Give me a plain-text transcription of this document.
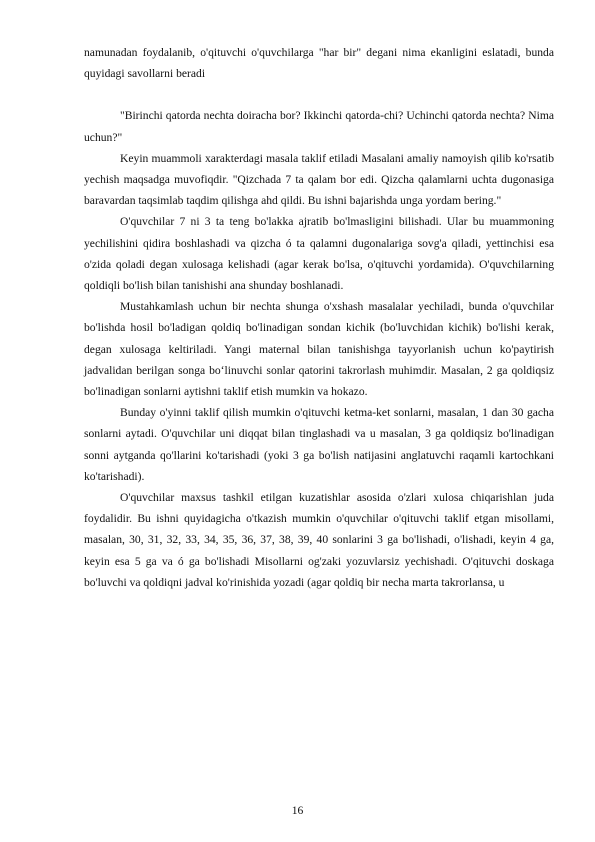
namunadan foydalanib, o'qituvchi o'quvchilarga "har bir" degani nima ekanligini eslatadi, bunda quyidagi savollarni beradi

"Birinchi qatorda nechta doiracha bor? Ikkinchi qatorda-chi? Uchinchi qatorda nechta? Nima uchun?"

Keyin muammoli xarakterdagi masala taklif etiladi Masalani amaliy namoyish qilib ko'rsatib yechish maqsadga muvofiqdir. "Qizchada 7 ta qalam bor edi. Qizcha qalamlarni uchta dugonasiga baravardan taqsimlab taqdim qilishga ahd qildi. Bu ishni bajarishda unga yordam bering."

O'quvchilar 7 ni 3 ta teng bo'lakka ajratib bo'lmasligini bilishadi. Ular bu muammoning yechilishini qidira boshlashadi va qizcha ó ta qalamni dugonalariga sovg'a qiladi, yettinchisi esa o'zida qoladi degan xulosaga kelishadi (agar kerak bo'lsa, o'qituvchi yordamida). O'quvchilarning qoldiqli bo'lish bilan tanishishi ana shunday boshlanadi.

Mustahkamlash uchun bir nechta shunga o'xshash masalalar yechiladi, bunda o'quvchilar bo'lishda hosil bo'ladigan qoldiq bo'linadigan sondan kichik (bo'luvchidan kichik) bo'lishi kerak, degan xulosaga keltiriladi. Yangi maternal bilan tanishishga tayyorlanish uchun ko'paytirish jadvalidan berilgan songa bo‘linuvchi sonlar qatorini takrorlash muhimdir. Masalan, 2 ga qoldiqsiz bo'linadigan sonlarni aytishni taklif etish mumkin va hokazo.

Bunday o'yinni taklif qilish mumkin o'qituvchi ketma-ket sonlarni, masalan, 1 dan 30 gacha sonlarni aytadi. O'quvchilar uni diqqat bilan tinglashadi va u masalan, 3 ga qoldiqsiz bo'linadigan sonni aytganda qo'llarini ko'tarishadi (yoki 3 ga bo'lish natijasini anglatuvchi raqamli kartochkani ko'tarishadi).

O'quvchilar maxsus tashkil etilgan kuzatishlar asosida o'zlari xulosa chiqarishlan juda foydalidir. Bu ishni quyidagicha o'tkazish mumkin o'quvchilar o'qituvchi taklif etgan misollami, masalan, 30, 31, 32, 33, 34, 35, 36, 37, 38, 39, 40 sonlarini 3 ga bo'lishadi, o'lishadi, keyin 4 ga, keyin esa 5 ga va ó ga bo'lishadi Misollarni og'zaki yozuvlarsiz yechishadi. O'qituvchi doskaga bo'luvchi va qoldiqni jadval ko'rinishida yozadi (agar qoldiq bir necha marta takrorlansa, u

16
